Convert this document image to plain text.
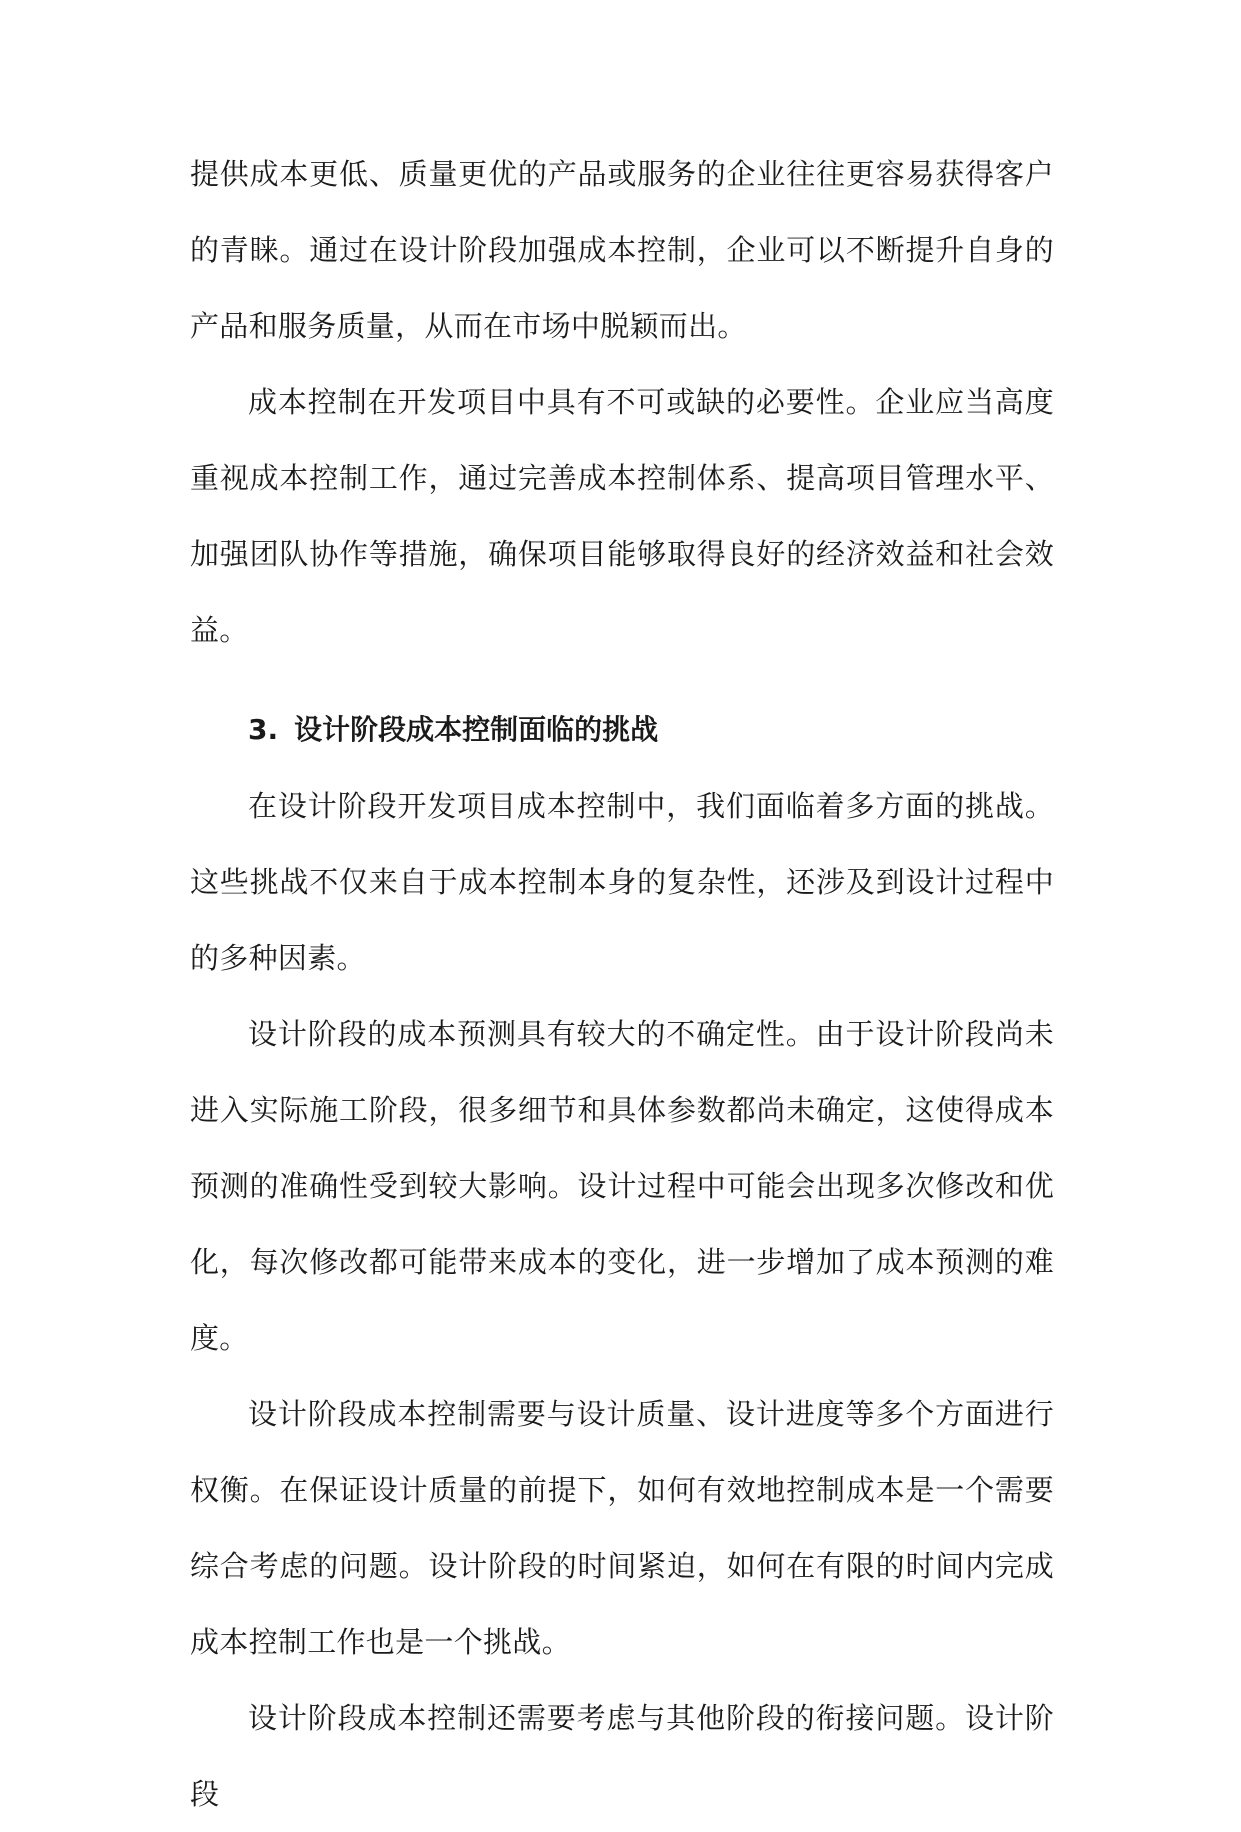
提供成本更低、质量更优的产品或服务的企业往往更容易获得客户的青睐。通过在设计阶段加强成本控制，企业可以不断提升自身的产品和服务质量，从而在市场中脱颖而出。

成本控制在开发项目中具有不可或缺的必要性。企业应当高度重视成本控制工作，通过完善成本控制体系、提高项目管理水平、加强团队协作等措施，确保项目能够取得良好的经济效益和社会效益。

3. 设计阶段成本控制面临的挑战

在设计阶段开发项目成本控制中，我们面临着多方面的挑战。这些挑战不仅来自于成本控制本身的复杂性，还涉及到设计过程中的多种因素。

设计阶段的成本预测具有较大的不确定性。由于设计阶段尚未进入实际施工阶段，很多细节和具体参数都尚未确定，这使得成本预测的准确性受到较大影响。设计过程中可能会出现多次修改和优化，每次修改都可能带来成本的变化，进一步增加了成本预测的难度。

设计阶段成本控制需要与设计质量、设计进度等多个方面进行权衡。在保证设计质量的前提下，如何有效地控制成本是一个需要综合考虑的问题。设计阶段的时间紧迫，如何在有限的时间内完成成本控制工作也是一个挑战。

设计阶段成本控制还需要考虑与其他阶段的衔接问题。设计阶段
